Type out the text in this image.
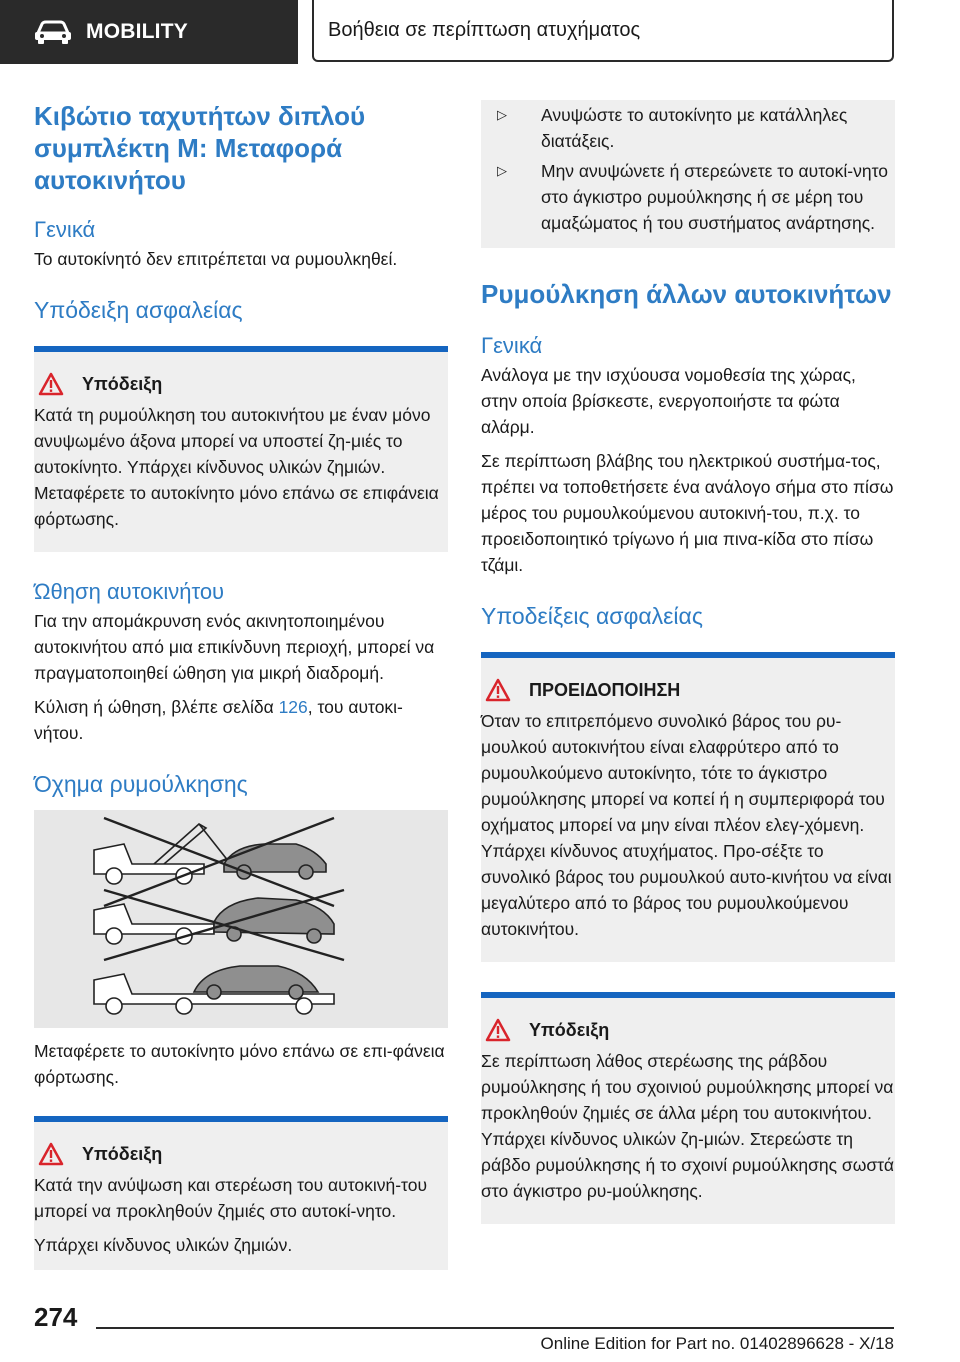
MOBILITY	Βοήθεια σε περίπτωση ατυχήματος
Κιβώτιο ταχυτήτων διπλού συμπλέκτη M: Μεταφορά αυτοκινήτου
Γενικά

Το αυτοκίνητό δεν επιτρέπεται να ρυμουλκηθεί.

Υπόδειξη ασφαλείας
Υπόδειξη

Κατά τη ρυμούλκηση του αυτοκινήτου με έναν μόνο ανυψωμένο άξονα μπορεί να υποστεί ζη-μιές το αυτοκίνητο. Υπάρχει κίνδυνος υλικών ζημιών. Μεταφέρετε το αυτοκίνητο μόνο επάνω σε επιφάνεια φόρτωσης.

Ώθηση αυτοκινήτου

Για την απομάκρυνση ενός ακινητοποιημένου αυτοκινήτου από μια επικίνδυνη περιοχή, μπορεί να πραγματοποιηθεί ώθηση για μικρή διαδρομή.

Κύλιση ή ώθηση, βλέπε σελίδα 126, του αυτοκι-νήτου.

Όχημα ρυμούλκησης

Μεταφέρετε το αυτοκίνητο μόνο επάνω σε επι-φάνεια φόρτωσης.

Υπόδειξη

Κατά την ανύψωση και στερέωση του αυτοκινή-του μπορεί να προκληθούν ζημιές στο αυτοκί-νητο.

Υπάρχει κίνδυνος υλικών ζημιών.

▷	Ανυψώστε το αυτοκίνητο με κατάλληλες διατάξεις.
▷	Μην ανυψώνετε ή στερεώνετε το αυτοκί-νητο στο άγκιστρο ρυμούλκησης ή σε μέρη του αμαξώματος ή του συστήματος ανάρτησης.
Ρυμούλκηση άλλων αυτοκινήτων
Γενικά

Ανάλογα με την ισχύουσα νομοθεσία της χώρας, στην οποία βρίσκεστε, ενεργοποιήστε τα φώτα αλάρμ.

Σε περίπτωση βλάβης του ηλεκτρικού συστήμα-τος, πρέπει να τοποθετήσετε ένα ανάλογο σήμα στο πίσω μέρος του ρυμουλκούμενου αυτοκινή-του, π.χ. το προειδοποιητικό τρίγωνο ή μια πινα-κίδα στο πίσω τζάμι.

Υποδείξεις ασφαλείας
ΠΡΟΕΙΔΟΠΟΙΗΣΗ

Όταν το επιτρεπόμενο συνολικό βάρος του ρυ-μουλκού αυτοκινήτου είναι ελαφρύτερο από το ρυμουλκούμενο αυτοκίνητο, τότε το άγκιστρο ρυμούλκησης μπορεί να κοπεί ή η συμπεριφορά του οχήματος μπορεί να μην είναι πλέον ελεγ-χόμενη. Υπάρχει κίνδυνος ατυχήματος. Προ-σέξτε το συνολικό βάρος του ρυμουλκού αυτο-κινήτου να είναι μεγαλύτερο από το βάρος του ρυμουλκούμενου αυτοκινήτου.

Υπόδειξη

Σε περίπτωση λάθος στερέωσης της ράβδου ρυμούλκησης ή του σχοινιού ρυμούλκησης μπορεί να προκληθούν ζημιές σε άλλα μέρη του αυτοκινήτου. Υπάρχει κίνδυνος υλικών ζη-μιών. Στερεώστε τη ράβδο ρυμούλκησης ή το σχοινί ρυμούλκησης σωστά στο άγκιστρο ρυ-μούλκησης.

274
Online Edition for Part no. 01402896628 - X/18
